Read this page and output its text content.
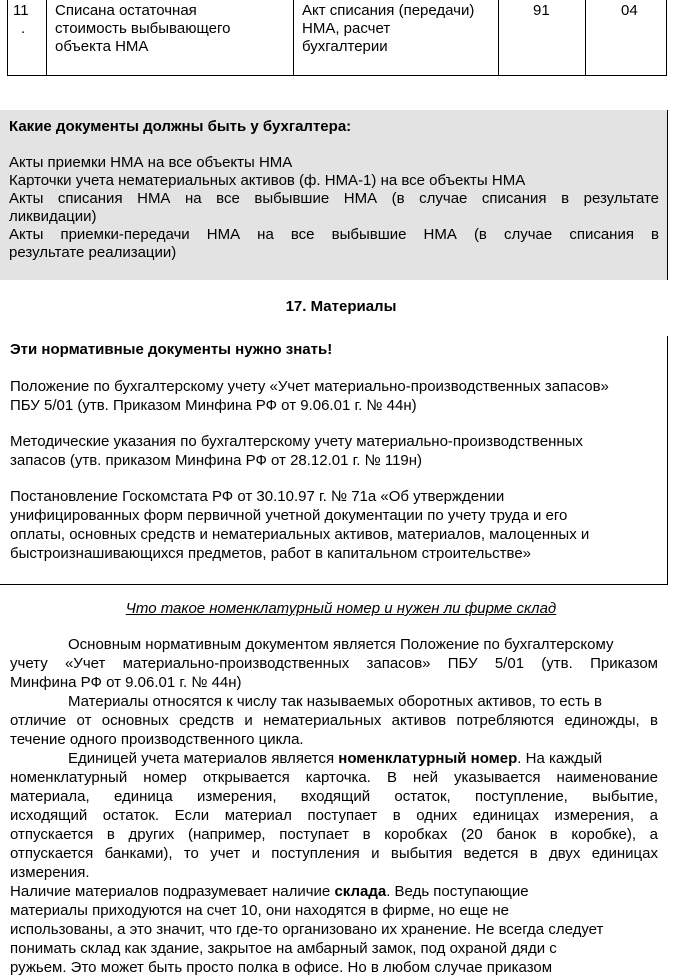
11
.
Списана остаточная
стоимость выбывающего
объекта НМА
Акт списания (передачи)
НМА, расчет
бухгалтерии
91	04
Какие документы должны быть у бухгалтера:
Акты приемки НМА на все объекты НМА
Карточки учета нематериальных активов (ф. НМА-1) на все объекты НМА
Акты списания НМА на все выбывшие НМА (в случае списания в результате
ликвидации)
Акты приемки-передачи НМА на все выбывшие НМА (в случае списания в
результате реализации)
17. Материалы
Эти нормативные документы нужно знать!
Положение по бухгалтерскому учету «Учет материально-производственных запасов»
ПБУ 5/01 (утв. Приказом Минфина РФ от 9.06.01 г. № 44н)
Методические указания по бухгалтерскому учету материально-производственных
запасов (утв. приказом Минфина РФ от 28.12.01 г. № 119н)
Постановление Госкомстата РФ от 30.10.97 г. № 71а «Об утверждении
унифицированных форм первичной учетной документации по учету труда и его
оплаты, основных средств и нематериальных активов, материалов, малоценных и
быстроизнашивающихся предметов, работ в капитальном строительстве»
Что такое номенклатурный номер и нужен ли фирме склад
Основным нормативным документом является Положение по бухгалтерскому
учету «Учет материально-производственных запасов» ПБУ 5/01 (утв. Приказом
Минфина РФ от 9.06.01 г. № 44н)
Материалы относятся к числу так называемых оборотных активов, то есть в
отличие от основных средств и нематериальных активов потребляются единожды, в
течение одного производственного цикла.
Единицей учета материалов является номенклатурный номер. На каждый
номенклатурный номер открывается карточка. В ней указывается наименование
материала, единица измерения, входящий остаток, поступление, выбытие,
исходящий остаток. Если материал поступает в одних единицах измерения, а
отпускается в других (например, поступает в коробках (20 банок в коробке), а
отпускается банками), то учет и поступления и выбытия ведется в двух единицах
измерения.
Наличие материалов подразумевает наличие склада. Ведь поступающие
материалы приходуются на счет 10, они находятся в фирме, но еще не
использованы, а это значит, что где-то организовано их хранение. Не всегда следует
понимать склад как здание, закрытое на амбарный замок, под охраной дяди с
ружьем. Это может быть просто полка в офисе. Но в любом случае приказом
